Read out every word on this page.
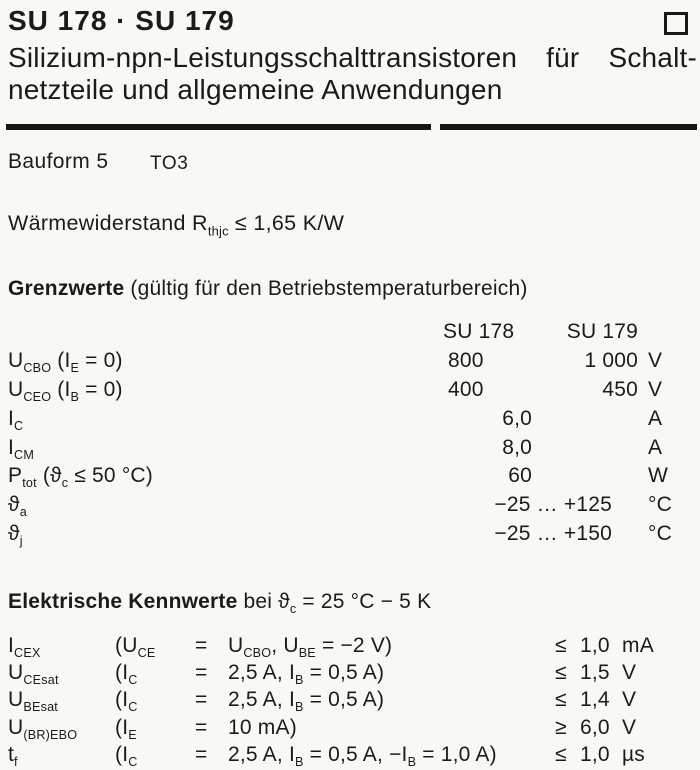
SU 178 · SU 179
Silizium-npn-Leistungsschalttransistoren für Schalt-
netzteile und allgemeine Anwendungen
Bauform 5 TO3
Wärmewiderstand $R_{thjc} \le 1,65$ K/W
Grenzwerte (gültig für den Betriebstemperaturbereich)
SU 178	SU 179
$U_{CBO}$ $(I_E = 0)$	800	1 000 V
$U_{CEO}$ $(I_B = 0)$	400	450 V
$I_C$	6,0	A
$I_{CM}$	8,0	A
$P_{tot}$ ($ϑ_c \le 50$ °C)	60	W
$ϑ_a$	−25 … +125	°C
$ϑ_j$	−25 … +150	°C
Elektrische Kennwerte bei $ϑ_c = 25$ °C − 5 K
$I_{CEX}$	($U_{CE}$	= $U_{CBO}$, $U_{BE} = -2$ V)	≤ 1,0 mA
$U_{CEsat}$	($I_C$	= 2,5 A, $I_B = 0,5$ A)	≤ 1,5 V
$U_{BEsat}$	($I_C$	= 2,5 A, $I_B = 0,5$ A)	≤ 1,4 V
$U_{(BR)EBO}$	($I_E$	= 10 mA)	≥ 6,0 V
$t_f$	($I_C$	= 2,5 A, $I_B = 0,5$ A, $-I_B = 1,0$ A)	≤ 1,0 µs
